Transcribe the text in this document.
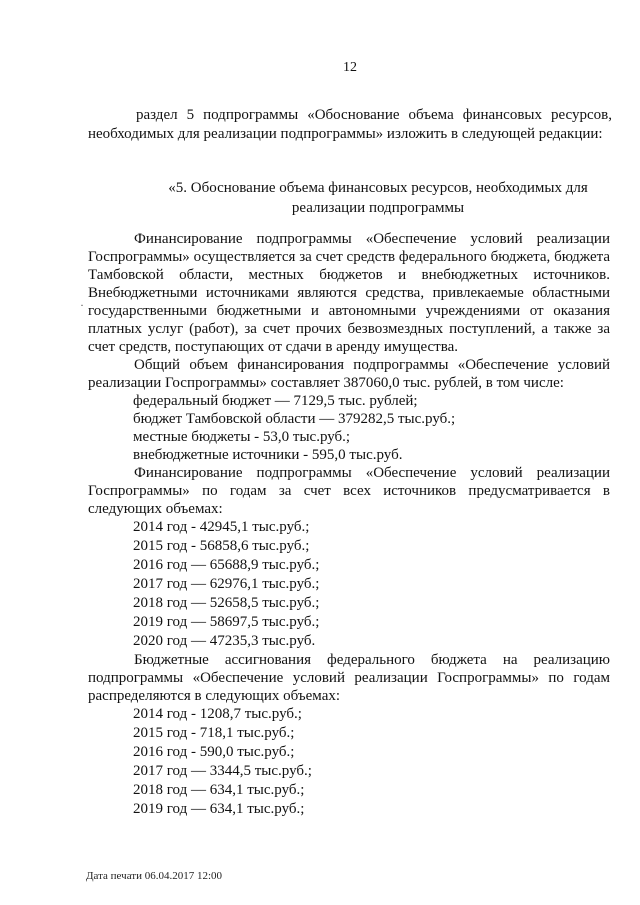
12
раздел 5 подпрограммы «Обоснование объема финансовых ресурсов, необходимых для реализации подпрограммы» изложить в следующей редакции:
«5. Обоснование объема финансовых ресурсов, необходимых для реализации подпрограммы
·

Финансирование подпрограммы «Обеспечение условий реализации Госпрограммы» осуществляется за счет средств федерального бюджета, бюджета Тамбовской области, местных бюджетов и внебюджетных источников. Внебюджетными источниками являются средства, привлекаемые областными государственными бюджетными и автономными учреждениями от оказания платных услуг (работ), за счет прочих безвозмездных поступлений, а также за счет средств, поступающих от сдачи в аренду имущества.

Общий объем финансирования подпрограммы «Обеспечение условий реализации Госпрограммы» составляет 387060,0 тыс. рублей, в том числе:

федеральный бюджет — 7129,5 тыс. рублей;

бюджет Тамбовской области — 379282,5 тыс.руб.;

местные бюджеты - 53,0 тыс.руб.;

внебюджетные источники - 595,0 тыс.руб.

Финансирование подпрограммы «Обеспечение условий реализации Госпрограммы» по годам за счет всех источников предусматривается в следующих объемах:

2014 год - 42945,1 тыс.руб.;

2015 год - 56858,6 тыс.руб.;

2016 год — 65688,9 тыс.руб.;

2017 год — 62976,1 тыс.руб.;

2018 год — 52658,5 тыс.руб.;

2019 год — 58697,5 тыс.руб.;

2020 год — 47235,3 тыс.руб.

Бюджетные ассигнования федерального бюджета на реализацию подпрограммы «Обеспечение условий реализации Госпрограммы» по годам распределяются в следующих объемах:

2014 год - 1208,7 тыс.руб.;

2015 год - 718,1 тыс.руб.;

2016 год - 590,0 тыс.руб.;

2017 год — 3344,5 тыс.руб.;

2018 год — 634,1 тыс.руб.;

2019 год — 634,1 тыс.руб.;

Дата печати 06.04.2017 12:00
